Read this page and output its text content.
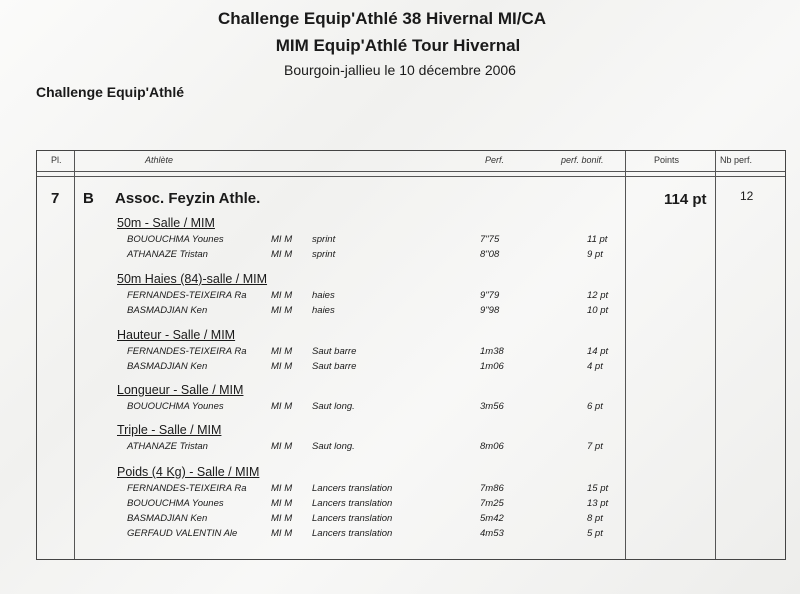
Challenge Equip'Athlé 38 Hivernal MI/CA
MIM Equip'Athlé Tour Hivernal
Bourgoin-jallieu le 10 décembre 2006
Challenge Equip'Athlé
Pl.	Athlète	Perf.	perf. bonif.	Points	Nb perf.
7 B Assoc. Feyzin Athle.	114 pt	12
50m - Salle / MIM
BOUOUCHMA Younes	MI M sprint	7"75	11 pt
ATHANAZE Tristan	MI M sprint	8"08	9 pt
50m Haies (84)-salle / MIM
FERNANDES-TEIXEIRA Ra	MI M haies	9"79	12 pt
BASMADJIAN Ken	MI M haies	9"98	10 pt
Hauteur - Salle / MIM
FERNANDES-TEIXEIRA Ra	MI M Saut barre	1m38	14 pt
BASMADJIAN Ken	MI M Saut barre	1m06	4 pt
Longueur - Salle / MIM
BOUOUCHMA Younes	MI M Saut long.	3m56	6 pt
Triple - Salle / MIM
ATHANAZE Tristan	MI M Saut long.	8m06	7 pt
Poids (4 Kg) - Salle / MIM
FERNANDES-TEIXEIRA Ra	MI M Lancers translation	7m86	15 pt
BOUOUCHMA Younes	MI M Lancers translation	7m25	13 pt
BASMADJIAN Ken	MI M Lancers translation	5m42	8 pt
GERFAUD VALENTIN Ale	MI M Lancers translation	4m53	5 pt
